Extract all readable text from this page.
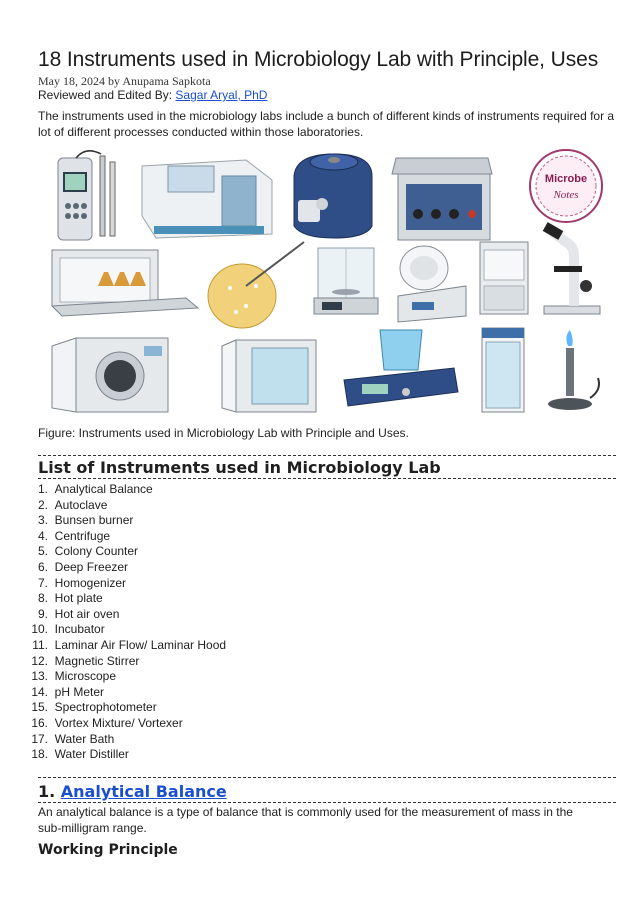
18 Instruments used in Microbiology Lab with Principle, Uses
May 18, 2024 by Anupama Sapkota
Reviewed and Edited By: Sagar Aryal, PhD
The instruments used in the microbiology labs include a bunch of different kinds of instruments required for a lot of different processes conducted within those laboratories.
Microbe
Notes
Figure: Instruments used in Microbiology Lab with Principle and Uses.
List of Instruments used in Microbiology Lab
1. Analytical Balance
2. Autoclave
3. Bunsen burner
4. Centrifuge
5. Colony Counter
6. Deep Freezer
7. Homogenizer
8. Hot plate
9. Hot air oven
10. Incubator
11. Laminar Air Flow/ Laminar Hood
12. Magnetic Stirrer
13. Microscope
14. pH Meter
15. Spectrophotometer
16. Vortex Mixture/ Vortexer
17. Water Bath
18. Water Distiller
1. Analytical Balance
An analytical balance is a type of balance that is commonly used for the measurement of mass in the sub-milligram range.
Working Principle
